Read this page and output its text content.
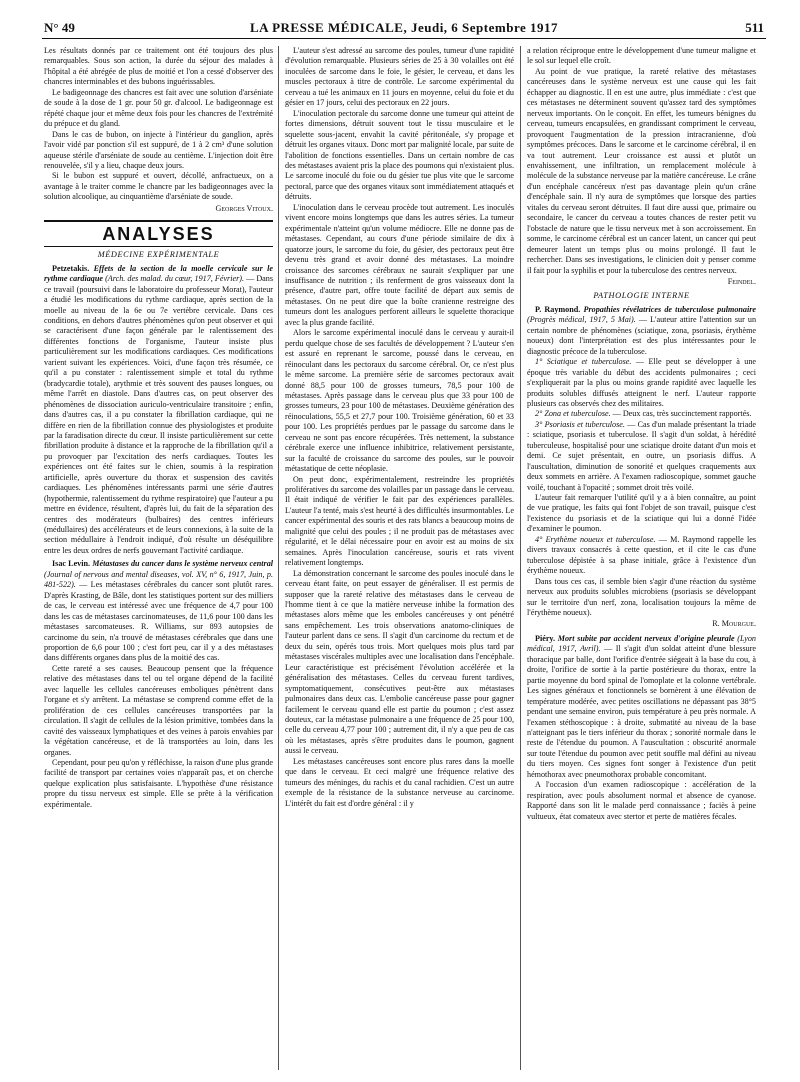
N° 49	LA PRESSE MÉDICALE, Jeudi, 6 Septembre 1917	511

Les résultats donnés par ce traitement ont été toujours des plus remarquables. Sous son action, la durée du séjour des malades à l'hôpital a été abrégée de plus de moitié et l'on a cessé d'observer des chancres interminables et des bubons inguérissables.

Le badigeonnage des chancres est fait avec une solution d'arséniate de soude à la dose de 1 gr. pour 50 gr. d'alcool. Le badigeonnage est répété chaque jour et même deux fois pour les chancres de l'extrémité du prépuce et du gland.

Dans le cas de bubon, on injecte à l'intérieur du ganglion, après l'avoir vidé par ponction s'il est suppuré, de 1 à 2 cm³ d'une solution aqueuse stérile d'arséniate de soude au centième. L'injection doit être renouvelée, s'il y a lieu, chaque deux jours.

Si le bubon est suppuré et ouvert, décollé, anfractueux, on a avantage à le traiter comme le chancre par les badigeonnages avec la solution alcoolique, au cinquantième d'arséniate de soude.

Georges Vitoux.
ANALYSES
MÉDECINE EXPÉRIMENTALE

Petzetakis. Effets de la section de la moelle cervicale sur le rythme cardiaque (Arch. des malad. du cœur, 1917, Février). — Dans ce travail (poursuivi dans le laboratoire du professeur Morat), l'auteur a étudié les modifications du rythme cardiaque, après section de la moelle au niveau de la 6e ou 7e vertèbre cervicale. Dans ces conditions, en dehors d'autres phénomènes qu'on peut observer et qui se caractérisent d'une façon générale par le ralentissement des différentes fonctions de l'organisme, l'auteur insiste plus particulièrement sur les modifications cardiaques. Ces modifications varient suivant les expériences. Voici, d'une façon très résumée, ce qu'il a pu constater : ralentissement simple et total du rythme (bradycardie totale), arythmie et très souvent des pauses longues, ou même l'arrêt en diastole. Dans d'autres cas, on peut observer des phénomènes de dissociation auriculo-ventriculaire transitoire ; enfin, dans d'autres cas, il a pu constater la fibrillation cardiaque, qui ne diffère en rien de la fibrillation connue des physiologistes et produite par la faradisation directe du cœur. Il insiste particulièrement sur cette fibrillation produite à distance et la rapproche de la fibrillation qu'il a pu provoquer par l'excitation des nerfs cardiaques. Toutes les expériences ont été faites sur le chien, soumis à la respiration artificielle, après ouverture du thorax et suspension des cavités cardiaques. Les phénomènes intéressants parmi une série d'autres (hypothermie, ralentissement du rythme respiratoire) que l'auteur a pu mettre en évidence, résultent, d'après lui, du fait de la séparation des centres des modérateurs (bulbaires) des centres inférieurs (médullaires) des accélérateurs et de leurs connexions, à la suite de la section médullaire à l'endroit indiqué, d'où résulte un déséquilibre entre les deux ordres de nerfs gouvernant l'activité cardiaque.

Isac Levin. Métastases du cancer dans le système nerveux central (Journal of nervous and mental diseases, vol. XV, n° 6, 1917, Juin, p. 481-522). — Les métastases cérébrales du cancer sont plutôt rares. D'après Krasting, de Bâle, dont les statistiques portent sur des milliers de cas, le cerveau est intéressé avec une fréquence de 4,7 pour 100 dans les cas de métastases carcinomateuses, de 11,6 pour 100 dans les métastases sarcomateuses. R. Williams, sur 893 autopsies de carcinome du sein, n'a trouvé de métastases cérébrales que dans une proportion de 6,6 pour 100 ; c'est fort peu, car il y a des métastases dans différents organes dans plus de la moitié des cas.

Cette rareté a ses causes. Beaucoup pensent que la fréquence relative des métastases dans tel ou tel organe dépend de la facilité avec laquelle les cellules cancéreuses emboliques pénètrent dans l'organe et s'y arrêtent. La métastase se comprend comme effet de la prolifération de ces cellules cancéreuses transportées par la circulation. Il s'agit de cellules de la lésion primitive, tombées dans la cavité des vaisseaux lymphatiques et des veines à parois envahies par la végétation cancéreuse, et de là transportées au loin, dans les organes.

Cependant, pour peu qu'on y réfléchisse, la raison d'une plus grande facilité de transport par certaines voies n'apparaît pas, et on cherche quelque explication plus satisfaisante. L'hypothèse d'une résistance propre du tissu nerveux est simple. Elle se prête à la vérification expérimentale.

L'auteur s'est adressé au sarcome des poules, tumeur d'une rapidité d'évolution remarquable. Plusieurs séries de 25 à 30 volailles ont été inoculées de sarcome dans le foie, le gésier, le cerveau, et dans les muscles pectoraux à titre de contrôle. Le sarcome expérimental du cerveau a tué les animaux en 11 jours en moyenne, celui du foie et du gésier en 17 jours, celui des pectoraux en 22 jours.

L'inoculation pectorale du sarcome donne une tumeur qui atteint de fortes dimensions, détruit souvent tout le tissu musculaire et le squelette sous-jacent, envahit la cavité péritonéale, s'y propage et détruit les organes vitaux. Donc mort par malignité locale, par suite de l'abolition de fonctions essentielles. Dans un certain nombre de cas des métastases avaient pris la place des poumons qui n'existaient plus. Le sarcome inoculé du foie ou du gésier tue plus vite que le sarcome pectoral, parce que des organes vitaux sont immédiatement attaqués et détruits.

L'inoculation dans le cerveau procède tout autrement. Les inoculés vivent encore moins longtemps que dans les autres séries. La tumeur expérimentale n'atteint qu'un volume médiocre. Elle ne donne pas de métastases. Cependant, au cours d'une période similaire de dix à quatorze jours, le sarcome du foie, du gésier, des pectoraux peut être devenu très grand et avoir donné des métastases. La moindre croissance des sarcomes cérébraux ne saurait s'expliquer par une insuffisance de nutrition ; ils renferment de gros vaisseaux dont la présence, d'autre part, offre toute facilité de départ aux semis de métastases. On ne peut dire que la boîte cranienne restreigne des tumeurs dont les analogues perforent ailleurs le squelette thoracique avec la plus grande facilité.

Alors le sarcome expérimental inoculé dans le cerveau y aurait-il perdu quelque chose de ses facultés de développement ? L'auteur s'en est assuré en reprenant le sarcome, poussé dans le cerveau, en réinoculant dans les pectoraux du sarcome cérébral. Or, ce n'est plus le même sarcome. La première série de sarcomes pectoraux avait donné 88,5 pour 100 de grosses tumeurs, 78,5 pour 100 de métastases. Après passage dans le cerveau plus que 33 pour 100 de grosses tumeurs, 23 pour 100 de métastases. Deuxième génération des réinoculations, 55,5 et 27,7 pour 100. Troisième génération, 60 et 33 pour 100. Les propriétés perdues par le passage du sarcome dans le cerveau ne sont pas encore récupérées. Très nettement, la substance cérébrale exerce une influence inhibitrice, relativement persistante, sur la faculté de croissance du sarcome des poules, sur le pouvoir métastatique de cette néoplasie.

On peut donc, expérimentalement, restreindre les propriétés prolifératives du sarcome des volailles par un passage dans le cerveau. Il était indiqué de vérifier le fait par des expériences parallèles. L'auteur l'a tenté, mais s'est heurté à des difficultés insurmontables. Le cancer expérimental des souris et des rats blancs a beaucoup moins de malignité que celui des poules ; il ne produit pas de métastases avec régularité, et le délai nécessaire pour en avoir est au moins de six semaines. Après l'inoculation cancéreuse, souris et rats vivent relativement longtemps.

La démonstration concernant le sarcome des poules inoculé dans le cerveau étant faite, on peut essayer de généraliser. Il est permis de supposer que la rareté relative des métastases dans le cerveau de l'homme tient à ce que la matière nerveuse inhibe la formation des métastases alors même que les emboles cancéreuses y ont pénétré sans empêchement. Les trois observations anatomo-cliniques de l'auteur parlent dans ce sens. Il s'agit d'un carcinome du rectum et de deux du sein, opérés tous trois. Mort quelques mois plus tard par métastases viscérales multiples avec une localisation dans l'encéphale. Leur caractéristique est précisément l'évolution accélérée et la généralisation des métastases. Celles du cerveau furent tardives, symptomatiquement, consécutives peut-être aux métastases pulmonaires dans deux cas. L'embolie cancéreuse passe pour gagner facilement le cerveau quand elle est partie du poumon ; c'est assez douteux, car la métastase pulmonaire a une fréquence de 25 pour 100, celle du cerveau 4,77 pour 100 ; autrement dit, il n'y a que peu de cas où les métastases, après s'être produites dans le poumon, gagnent aussi le cerveau.

Les métastases cancéreuses sont encore plus rares dans la moelle que dans le cerveau. Et ceci malgré une fréquence relative des tumeurs des méninges, du rachis et du canal rachidien. C'est un autre exemple de la résistance de la substance nerveuse au carcinome. L'intérêt du fait est d'ordre général : il y

a relation réciproque entre le développement d'une tumeur maligne et le sol sur lequel elle croît.

Au point de vue pratique, la rareté relative des métastases cancéreuses dans le système nerveux est une cause qui les fait échapper au diagnostic. Il en est une autre, plus immédiate : c'est que ces métastases ne déterminent souvent qu'assez tard des symptômes nerveux importants. On le conçoit. En effet, les tumeurs bénignes du cerveau, tumeurs encapsulées, en grandissant compriment le cerveau, provoquent l'augmentation de la pression intracranienne, d'où symptômes précoces. Dans le sarcome et le carcinome cérébral, il en va tout autrement. Leur croissance est aussi et plutôt un envahissement, une infiltration, un remplacement molécule à molécule de la substance nerveuse par la matière cancéreuse. Le crâne d'un encéphale cancéreux n'est pas davantage plein qu'un crâne d'encéphale sain. Il n'y aura de symptômes que lorsque des parties vitales du cerveau seront détruites. Il faut dire aussi que, primaire ou secondaire, le cancer du cerveau a toutes chances de rester petit vu l'obstacle de nature que le tissu nerveux met à son accroissement. En somme, le carcinome cérébral est un cancer latent, un cancer qui peut demeurer latent un temps plus ou moins prolongé. Il faut le rechercher. Dans ses investigations, le clinicien doit y penser comme il fait pour la syphilis et pour la tuberculose des centres nerveux.

Feindel.
PATHOLOGIE INTERNE

P. Raymond. Propathies révélatrices de tuberculose pulmonaire (Progrès médical, 1917, 5 Mai). — L'auteur attire l'attention sur un certain nombre de phénomènes (sciatique, zona, psoriasis, érythème noueux) dont l'interprétation est des plus intéressantes pour le diagnostic précoce de la tuberculose.

1° Sciatique et tuberculose. — Elle peut se développer à une époque très variable du début des accidents pulmonaires ; ceci s'expliquerait par la plus ou moins grande rapidité avec laquelle les produits solubles diffusés atteignent le nerf. L'auteur rapporte plusieurs cas observés chez des militaires.

2° Zona et tuberculose. — Deux cas, très succinctement rapportés.

3° Psoriasis et tuberculose. — Cas d'un malade présentant la triade : sciatique, psoriasis et tuberculose. Il s'agit d'un soldat, à hérédité tuberculeuse, hospitalisé pour une sciatique droite datant d'un mois et demi. Ce sujet présentait, en outre, un psoriasis diffus. A l'auscultation, diminution de sonorité et quelques craquements aux deux sommets en arrière. A l'examen radioscopique, sommet gauche voilé, touchant à l'opacité ; sommet droit très voilé.

L'auteur fait remarquer l'utilité qu'il y a à bien connaître, au point de vue pratique, les faits qui font l'objet de son travail, puisque c'est l'existence du psoriasis et de la sciatique qui lui a donné l'idée d'examiner le poumon.

4° Erythème noueux et tuberculose. — M. Raymond rappelle les divers travaux consacrés à cette question, et il cite le cas d'une tuberculose dépistée à sa phase initiale, grâce à l'existence d'un érythème noueux.

Dans tous ces cas, il semble bien s'agir d'une réaction du système nerveux aux produits solubles microbiens (psoriasis se développant sur le territoire d'un nerf, zona, localisation toujours la même de l'érythème noueux).

R. Mourgue.

Piéry. Mort subite par accident nerveux d'origine pleurale (Lyon médical, 1917, Avril). — Il s'agit d'un soldat atteint d'une blessure thoracique par balle, dont l'orifice d'entrée siégeait à la base du cou, à droite, l'orifice de sortie à la partie postérieure du thorax, entre la partie moyenne du bord spinal de l'omoplate et la colonne vertébrale. Les signes généraux et fonctionnels se bornèrent à une élévation de température modérée, avec petites oscillations ne dépassant pas 38°5 pendant une semaine environ, puis température à peu près normale. A l'examen stéthoscopique : à droite, submatité au niveau de la base n'atteignant pas le tiers inférieur du thorax ; sonorité normale dans le reste de l'étendue du poumon. A l'auscultation : obscurité anormale sur toute l'étendue du poumon avec petit souffle mal défini au niveau du tiers moyen. Ces signes font songer à l'existence d'un petit hémothorax avec pneumothorax probable concomitant.

A l'occasion d'un examen radioscopique : accélération de la respiration, avec pouls absolument normal et absence de cyanose. Rapporté dans son lit le malade perd connaissance ; faciès à peine vultueux, état comateux avec stertor et perte de matières fécales.
